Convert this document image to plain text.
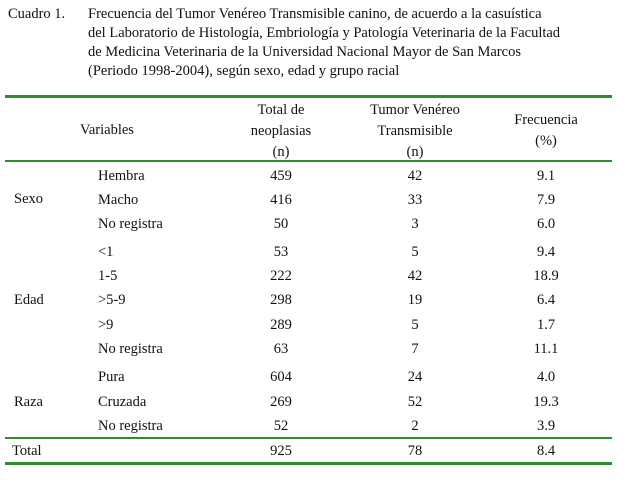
Cuadro 1. Frecuencia del Tumor Venéreo Transmisible canino, de acuerdo a la casuística
del Laboratorio de Histología, Embriología y Patología Veterinaria de la Facultad
de Medicina Veterinaria de la Universidad Nacional Mayor de San Marcos
(Periodo 1998-2004), según sexo, edad y grupo racial
Variables
Total de
neoplasias
(n)
Tumor Venéreo
Transmisible
(n)
Frecuencia
(%)
Sexo
Hembra	459	42	9.1
Macho	416	33	7.9
No registra	50	3	6.0
Edad
<1	53	5	9.4
1-5	222	42	18.9
>5-9	298	19	6.4
>9	289	5	1.7
No registra	63	7	11.1
Raza
Pura	604	24	4.0
Cruzada	269	52	19.3
No registra	52	2	3.9
Total	925	78	8.4
